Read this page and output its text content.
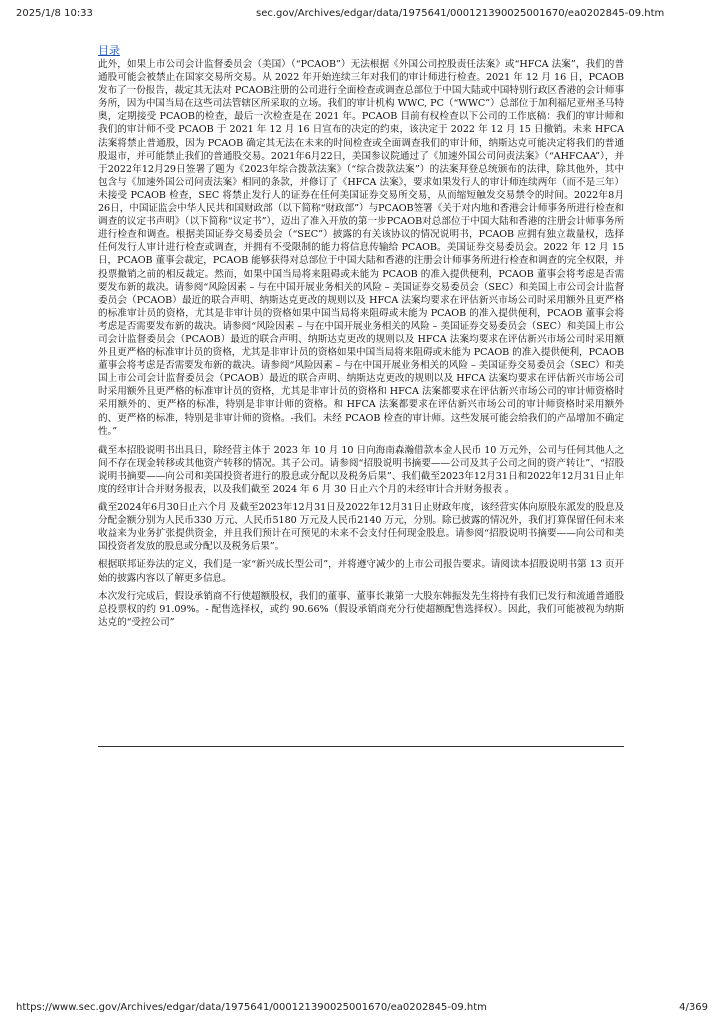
2025/1/8 10:33	sec.gov/Archives/edgar/data/1975641/000121390025001670/ea0202845-09.htm
目录

此外，如果上市公司会计监督委员会（美国）（“PCAOB”）无法根据《外国公司控股责任法案》或“HFCA 法案”，我们的普通股可能会被禁止在国家交易所交易。从 2022 年开始连续三年对我们的审计师进行检查。2021 年 12 月 16 日，PCAOB 发布了一份报告，裁定其无法对 PCAOB注册的公司进行全面检查或调查总部位于中国大陆或中国特别行政区香港的会计师事务所，因为中国当局在这些司法管辖区所采取的立场。我们的审计机构 WWC, PC（“WWC”）总部位于加利福尼亚州圣马特奥，定期接受 PCAOB的检查，最后一次检查是在 2021 年。PCAOB 目前有权检查以下公司的工作底稿：我们的审计师和我们的审计师不受 PCAOB 于 2021 年 12 月 16 日宣布的决定的约束，该决定于 2022 年 12 月 15 日撤销。未来 HFCA 法案将禁止普通股，因为 PCAOB 确定其无法在未来的时间检查或全面调查我们的审计师，纳斯达克可能决定将我们的普通股退市，并可能禁止我们的普通股交易。2021年6月22日，美国参议院通过了《加速外国公司问责法案》（“AHFCAA”），并于2022年12月29日签署了题为《2023年综合拨款法案》（“综合拨款法案”）的法案拜登总统颁布的法律，除其他外，其中包含与《加速外国公司问责法案》相同的条款，并修订了《HFCA 法案》，要求如果发行人的审计师连续两年（而不是三年）未接受 PCAOB 检查，SEC 将禁止发行人的证券在任何美国证券交易所交易，从而缩短触发交易禁令的时间。2022年8月26日，中国证监会中华人民共和国财政部（以下简称“财政部”）与PCAOB签署《关于对内地和香港会计师事务所进行检查和调查的议定书声明》（以下简称“议定书”），迈出了准入开放的第一步PCAOB对总部位于中国大陆和香港的注册会计师事务所进行检查和调查。根据美国证券交易委员会（“SEC”）披露的有关该协议的情况说明书，PCAOB 应拥有独立裁量权，选择任何发行人审计进行检查或调查，并拥有不受限制的能力将信息传输给 PCAOB。美国证券交易委员会。2022 年 12 月 15 日，PCAOB 董事会裁定，PCAOB 能够获得对总部位于中国大陆和香港的注册会计师事务所进行检查和调查的完全权限，并投票撤销之前的相反裁定。然而，如果中国当局将来阻碍或未能为 PCAOB 的准入提供便利，PCAOB 董事会将考虑是否需要发布新的裁决。请参阅“风险因素 – 与在中国开展业务相关的风险 – 美国证券交易委员会（SEC）和美国上市公司会计监督委员会（PCAOB）最近的联合声明、纳斯达克更改的规则以及 HFCA 法案均要求在评估新兴市场公司时采用额外且更严格的标准审计员的资格，尤其是非审计员的资格如果中国当局将来阻碍或未能为 PCAOB 的准入提供便利，PCAOB 董事会将考虑是否需要发布新的裁决。请参阅“风险因素 – 与在中国开展业务相关的风险 – 美国证券交易委员会（SEC）和美国上市公司会计监督委员会（PCAOB）最近的联合声明、纳斯达克更改的规则以及 HFCA 法案均要求在评估新兴市场公司时采用额外且更严格的标准审计员的资格，尤其是非审计员的资格如果中国当局将来阻碍或未能为 PCAOB 的准入提供便利，PCAOB 董事会将考虑是否需要发布新的裁决。请参阅“风险因素 – 与在中国开展业务相关的风险 – 美国证券交易委员会（SEC）和美国上市公司会计监督委员会（PCAOB）最近的联合声明、纳斯达克更改的规则以及 HFCA 法案均要求在评估新兴市场公司时采用额外且更严格的标准审计员的资格，尤其是非审计员的资格和 HFCA 法案都要求在评估新兴市场公司的审计师资格时采用额外的、更严格的标准，特别是非审计师的资格。和 HFCA 法案都要求在评估新兴市场公司的审计师资格时采用额外的、更严格的标准，特别是非审计师的资格。-我们。未经 PCAOB 检查的审计师。这些发展可能会给我们的产品增加不确定性。”

截至本招股说明书出具日，除经营主体于 2023 年 10 月 10 日向海南森瀚借款本金人民币 10 万元外，公司与任何其他人之间不存在现金转移或其他资产转移的情况。其子公司。请参阅“招股说明书摘要——公司及其子公司之间的资产转让”、“招股说明书摘要——向公司和美国投资者进行的股息或分配以及税务后果”、我们截至2023年12月31日和2022年12月31日止年度的经审计合并财务报表，以及我们截至 2024 年 6 月 30 日止六个月的未经审计合并财务报表 。

截至2024年6月30日止六个月 及截至2023年12月31日及2022年12月31日止财政年度，该经营实体向原股东派发的股息及分配金额分别为人民币330 万元、人民币5180 万元及人民币2140 万元，分别。除已披露的情况外，我们打算保留任何未来收益来为业务扩张提供资金，并且我们预计在可预见的未来不会支付任何现金股息。请参阅“招股说明书摘要——向公司和美国投资者发放的股息或分配以及税务后果”。

根据联邦证券法的定义，我们是一家“新兴成长型公司”，并将遵守减少的上市公司报告要求。请阅读本招股说明书第 13 页开始的披露内容以了解更多信息。

本次发行完成后，假设承销商不行使超额股权，我们的董事、董事长兼第一大股东韩振发先生将持有我们已发行和流通普通股总投票权的约 91.09%。- 配售选择权，或约 90.66%（假设承销商充分行使超额配售选择权）。因此，我们可能被视为纳斯达克的“受控公司”

https://www.sec.gov/Archives/edgar/data/1975641/000121390025001670/ea0202845-09.htm	4/369
